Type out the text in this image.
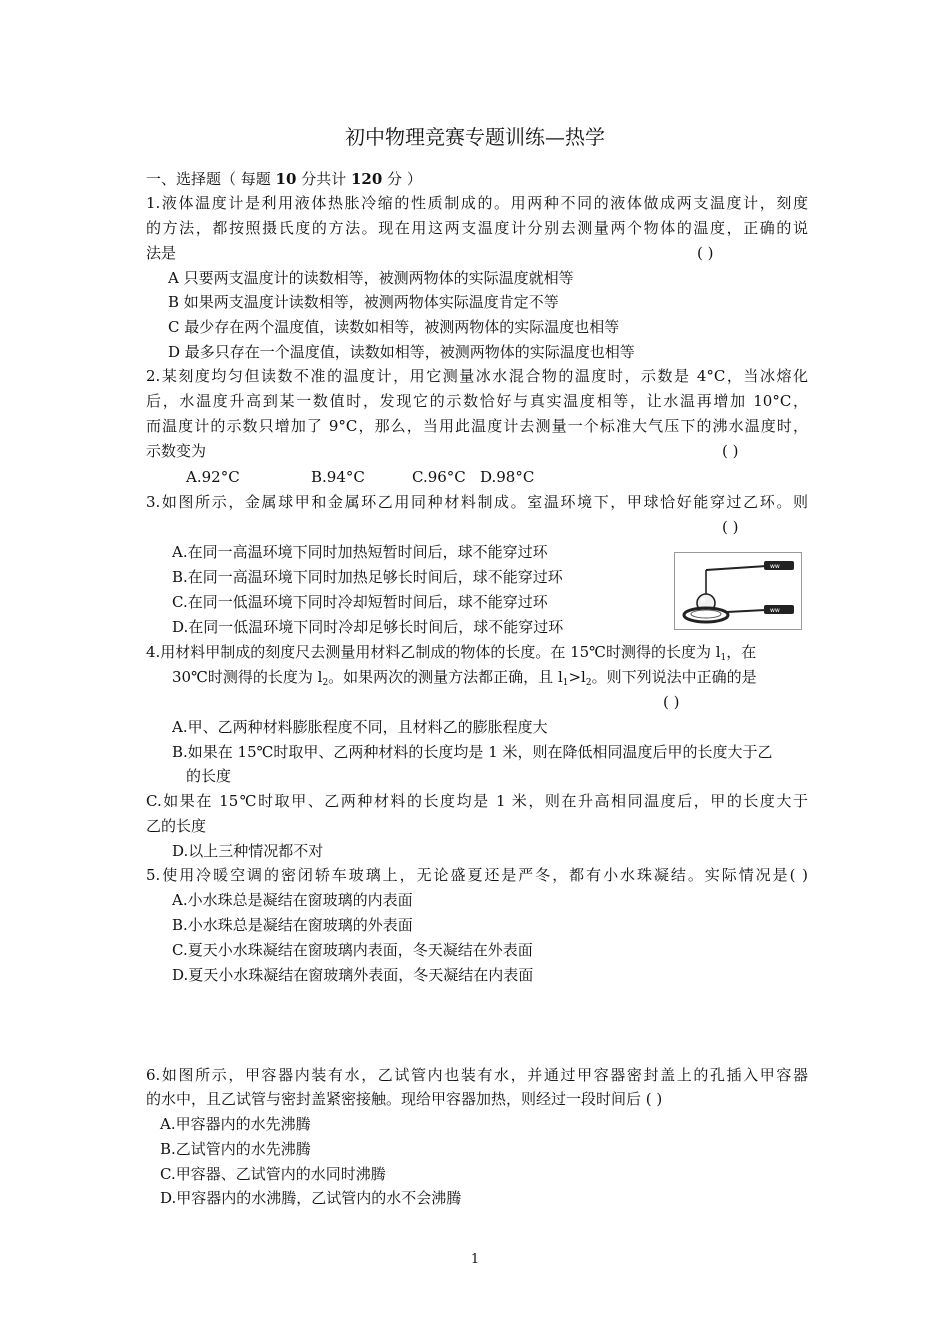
初中物理竞赛专题训练—热学
一、选择题（ 每题 10 分共计 120 分 ）
1.液体温度计是利用液体热胀冷缩的性质制成的。用两种不同的液体做成两支温度计，刻度
的方法，都按照摄氏度的方法。现在用这两支温度计分别去测量两个物体的温度，正确的说
法是	( )
A 只要两支温度计的读数相等，被测两物体的实际温度就相等
B 如果两支温度计读数相等，被测两物体实际温度肯定不等
C 最少存在两个温度值，读数如相等，被测两物体的实际温度也相等
D 最多只存在一个温度值，读数如相等，被测两物体的实际温度也相等
2.某刻度均匀但读数不准的温度计，用它测量冰水混合物的温度时，示数是 4°C，当冰熔化
后，水温度升高到某一数值时，发现它的示数恰好与真实温度相等，让水温再增加 10°C，
而温度计的示数只增加了 9°C，那么，当用此温度计去测量一个标准大气压下的沸水温度时，
示数变为	( )
A.92°C	B.94°C	C.96°C D.98°C
3.如图所示，金属球甲和金属环乙用同种材料制成。室温环境下，甲球恰好能穿过乙环。则
( )
A.在同一高温环境下同时加热短暂时间后，球不能穿过环
B.在同一高温环境下同时加热足够长时间后，球不能穿过环
C.在同一低温环境下同时冷却短暂时间后，球不能穿过环
D.在同一低温环境下同时冷却足够长时间后，球不能穿过环
ww
ww
4.用材料甲制成的刻度尺去测量用材料乙制成的物体的长度。在 15℃时测得的长度为 $l_1$，在
30℃时测得的长度为 $l_2$。如果两次的测量方法都正确，且 $l_1>l_2$。则下列说法中正确的是
( )
A.甲、乙两种材料膨胀程度不同，且材料乙的膨胀程度大
B.如果在 15℃时取甲、乙两种材料的长度均是 1 米，则在降低相同温度后甲的长度大于乙
的长度
C.如果在 15℃时取甲、乙两种材料的长度均是 1 米，则在升高相同温度后，甲的长度大于
乙的长度
D.以上三种情况都不对
5.使用冷暖空调的密闭轿车玻璃上，无论盛夏还是严冬，都有小水珠凝结。实际情况是( )
A.小水珠总是凝结在窗玻璃的内表面
B.小水珠总是凝结在窗玻璃的外表面
C.夏天小水珠凝结在窗玻璃内表面，冬天凝结在外表面
D.夏天小水珠凝结在窗玻璃外表面，冬天凝结在内表面
6.如图所示，甲容器内装有水，乙试管内也装有水，并通过甲容器密封盖上的孔插入甲容器
的水中，且乙试管与密封盖紧密接触。现给甲容器加热，则经过一段时间后 ( )
A.甲容器内的水先沸腾
B.乙试管内的水先沸腾
C.甲容器、乙试管内的水同时沸腾
D.甲容器内的水沸腾，乙试管内的水不会沸腾
1
